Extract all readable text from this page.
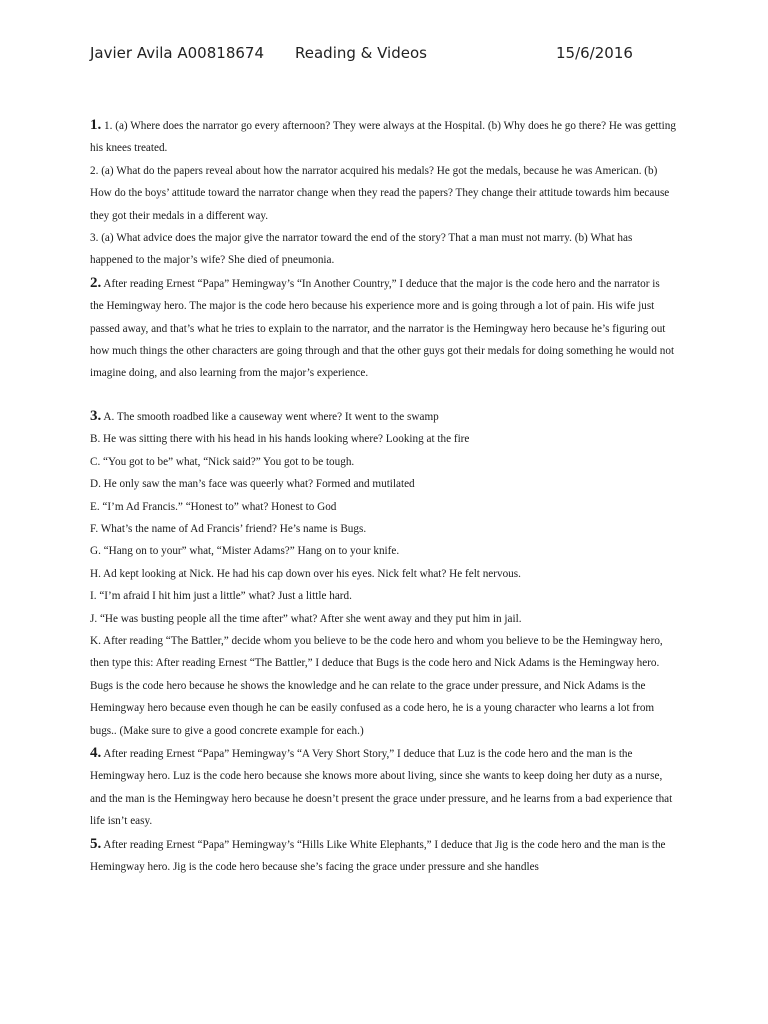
Javier Avila A00818674 Reading & Videos	15/6/2016

1. 1. (a) Where does the narrator go every afternoon? They were always at the Hospital. (b) Why does he go there? He was getting his knees treated.

2. (a) What do the papers reveal about how the narrator acquired his medals? He got the medals, because he was American. (b) How do the boys’ attitude toward the narrator change when they read the papers? They change their attitude towards him because they got their medals in a different way.

3. (a) What advice does the major give the narrator toward the end of the story? That a man must not marry. (b) What has happened to the major’s wife? She died of pneumonia.

2. After reading Ernest “Papa” Hemingway’s “In Another Country,” I deduce that the major is the code hero and the narrator is the Hemingway hero. The major is the code hero because his experience more and is going through a lot of pain. His wife just passed away, and that’s what he tries to explain to the narrator, and the narrator is the Hemingway hero because he’s figuring out how much things the other characters are going through and that the other guys got their medals for doing something he would not imagine doing, and also learning from the major’s experience.

3. A. The smooth roadbed like a causeway went where? It went to the swamp

B. He was sitting there with his head in his hands looking where? Looking at the fire

C. “You got to be” what, “Nick said?” You got to be tough.

D. He only saw the man’s face was queerly what? Formed and mutilated

E. “I’m Ad Francis.” “Honest to” what? Honest to God

F. What’s the name of Ad Francis’ friend? He’s name is Bugs.

G. “Hang on to your” what, “Mister Adams?” Hang on to your knife.

H. Ad kept looking at Nick. He had his cap down over his eyes. Nick felt what? He felt nervous.

I. “I’m afraid I hit him just a little” what? Just a little hard.

J. “He was busting people all the time after” what? After she went away and they put him in jail.

K. After reading “The Battler,” decide whom you believe to be the code hero and whom you believe to be the Hemingway hero, then type this: After reading Ernest “The Battler,” I deduce that Bugs is the code hero and Nick Adams is the Hemingway hero. Bugs is the code hero because he shows the knowledge and he can relate to the grace under pressure, and Nick Adams is the Hemingway hero because even though he can be easily confused as a code hero, he is a young character who learns a lot from bugs.. (Make sure to give a good concrete example for each.)

4. After reading Ernest “Papa” Hemingway’s “A Very Short Story,” I deduce that Luz is the code hero and the man is the Hemingway hero. Luz is the code hero because she knows more about living, since she wants to keep doing her duty as a nurse, and the man is the Hemingway hero because he doesn’t present the grace under pressure, and he learns from a bad experience that life isn’t easy.

5. After reading Ernest “Papa” Hemingway’s “Hills Like White Elephants,” I deduce that Jig is the code hero and the man is the Hemingway hero. Jig is the code hero because she’s facing the grace under pressure and she handles
